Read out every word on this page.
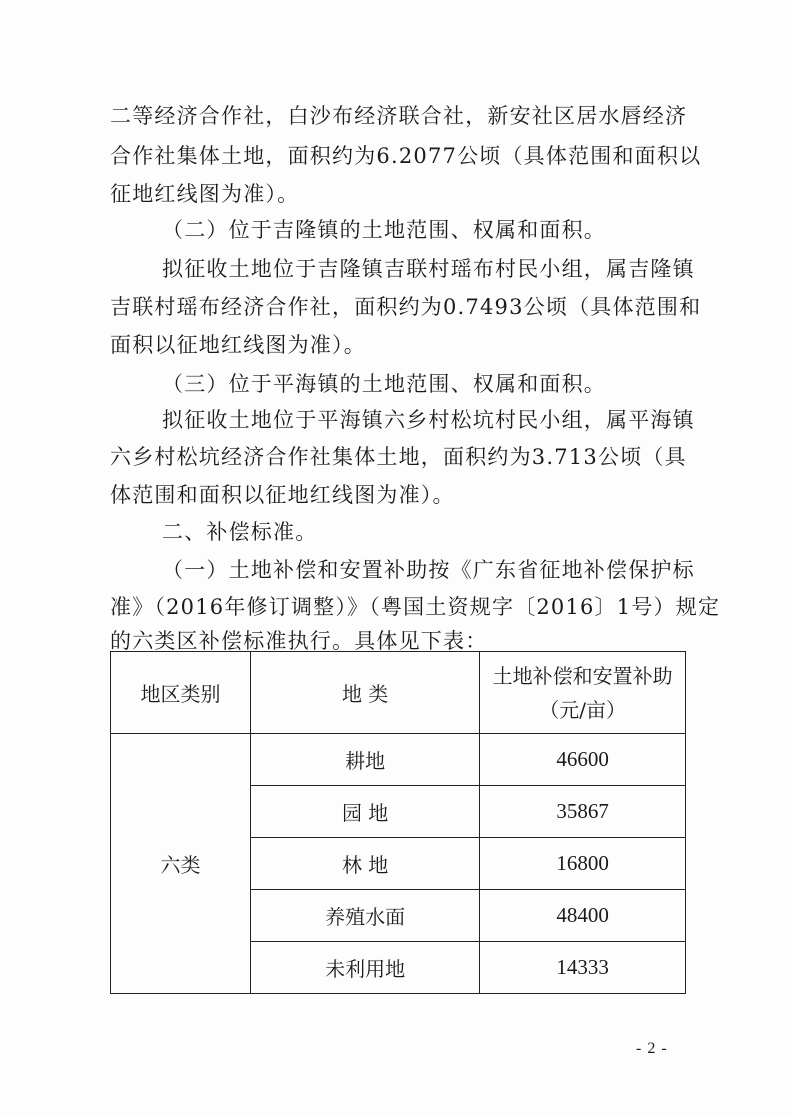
二等经济合作社，白沙布经济联合社，新安社区居水唇经济
合作社集体土地，面积约为6.2077公顷（具体范围和面积以
征地红线图为准）。
（二）位于吉隆镇的土地范围、权属和面积。
拟征收土地位于吉隆镇吉联村瑶布村民小组，属吉隆镇
吉联村瑶布经济合作社，面积约为0.7493公顷（具体范围和
面积以征地红线图为准）。
（三）位于平海镇的土地范围、权属和面积。
拟征收土地位于平海镇六乡村松坑村民小组，属平海镇
六乡村松坑经济合作社集体土地，面积约为3.713公顷（具
体范围和面积以征地红线图为准）。
二、补偿标准。
（一）土地补偿和安置补助按《广东省征地补偿保护标
准》（2016年修订调整）》（粤国土资规字〔2016〕1号）规定
的六类区补偿标准执行。具体见下表：
地区类别	地 类	土地补偿和安置补助
（元/亩）

六类	耕地	46600
	园 地	35867
	林 地	16800
	养殖水面	48400
	未利用地	14333
- 2 -
